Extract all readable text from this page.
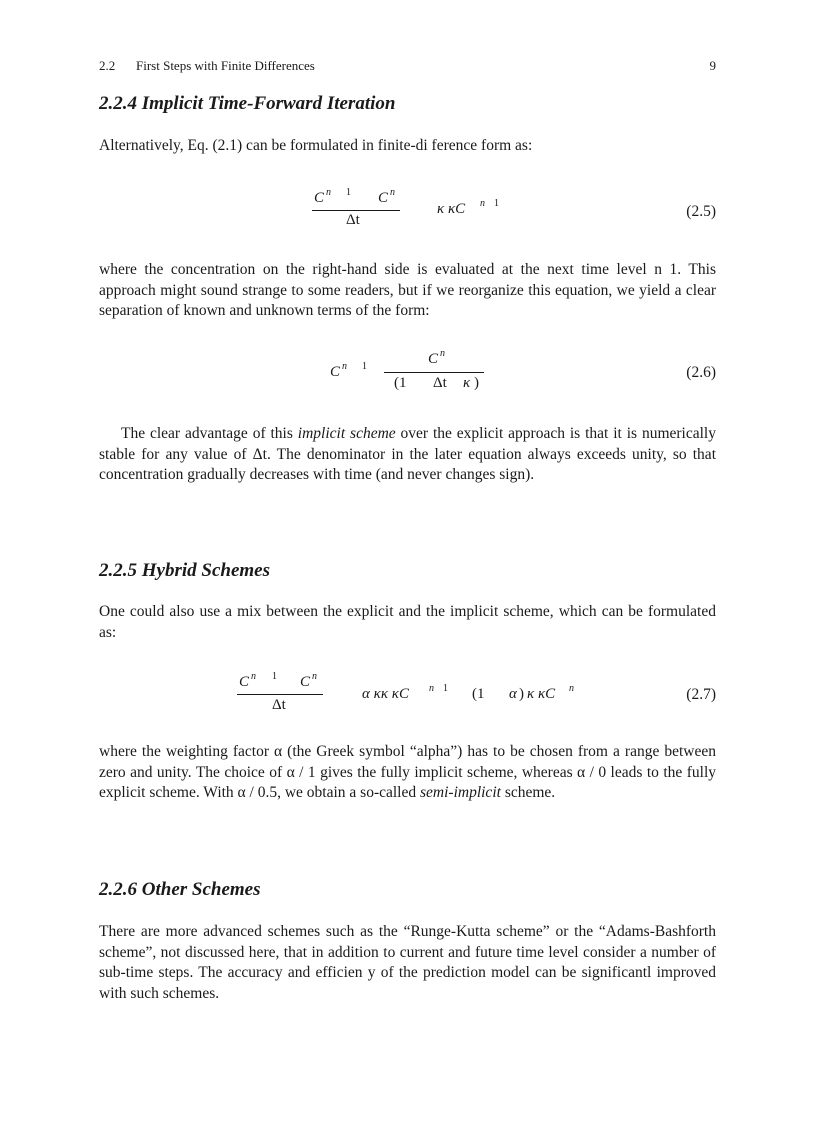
2.2 First Steps with Finite Differences	9
2.2.4 Implicit Time-Forward Iteration

Alternatively, Eq. (2.1) can be formulated in finite-di ference form as:

C n 1 C n
Δt
κ κC n 1	(2.5)

where the concentration on the right-hand side is evaluated at the next time level n 1. This approach might sound strange to some readers, but if we reorganize this equation, we yield a clear separation of known and unknown terms of the form:

C n 1	C n
(1 Δt κ )
(2.6)

The clear advantage of this implicit scheme over the explicit approach is that it is numerically stable for any value of Δt. The denominator in the later equation always exceeds unity, so that concentration gradually decreases with time (and never changes sign).

2.2.5 Hybrid Schemes

One could also use a mix between the explicit and the implicit scheme, which can be formulated as:

C n 1 C n
Δt
α κκ κC n 1 (1 α ) κ κC n	(2.7)

where the weighting factor α (the Greek symbol “alpha”) has to be chosen from a range between zero and unity. The choice of α / 1 gives the fully implicit scheme, whereas α / 0 leads to the fully explicit scheme. With α / 0.5, we obtain a so-called semi-implicit scheme.

2.2.6 Other Schemes

There are more advanced schemes such as the “Runge-Kutta scheme” or the “Adams-Bashforth scheme”, not discussed here, that in addition to current and future time level consider a number of sub-time steps. The accuracy and efficien y of the prediction model can be significantl improved with such schemes.
